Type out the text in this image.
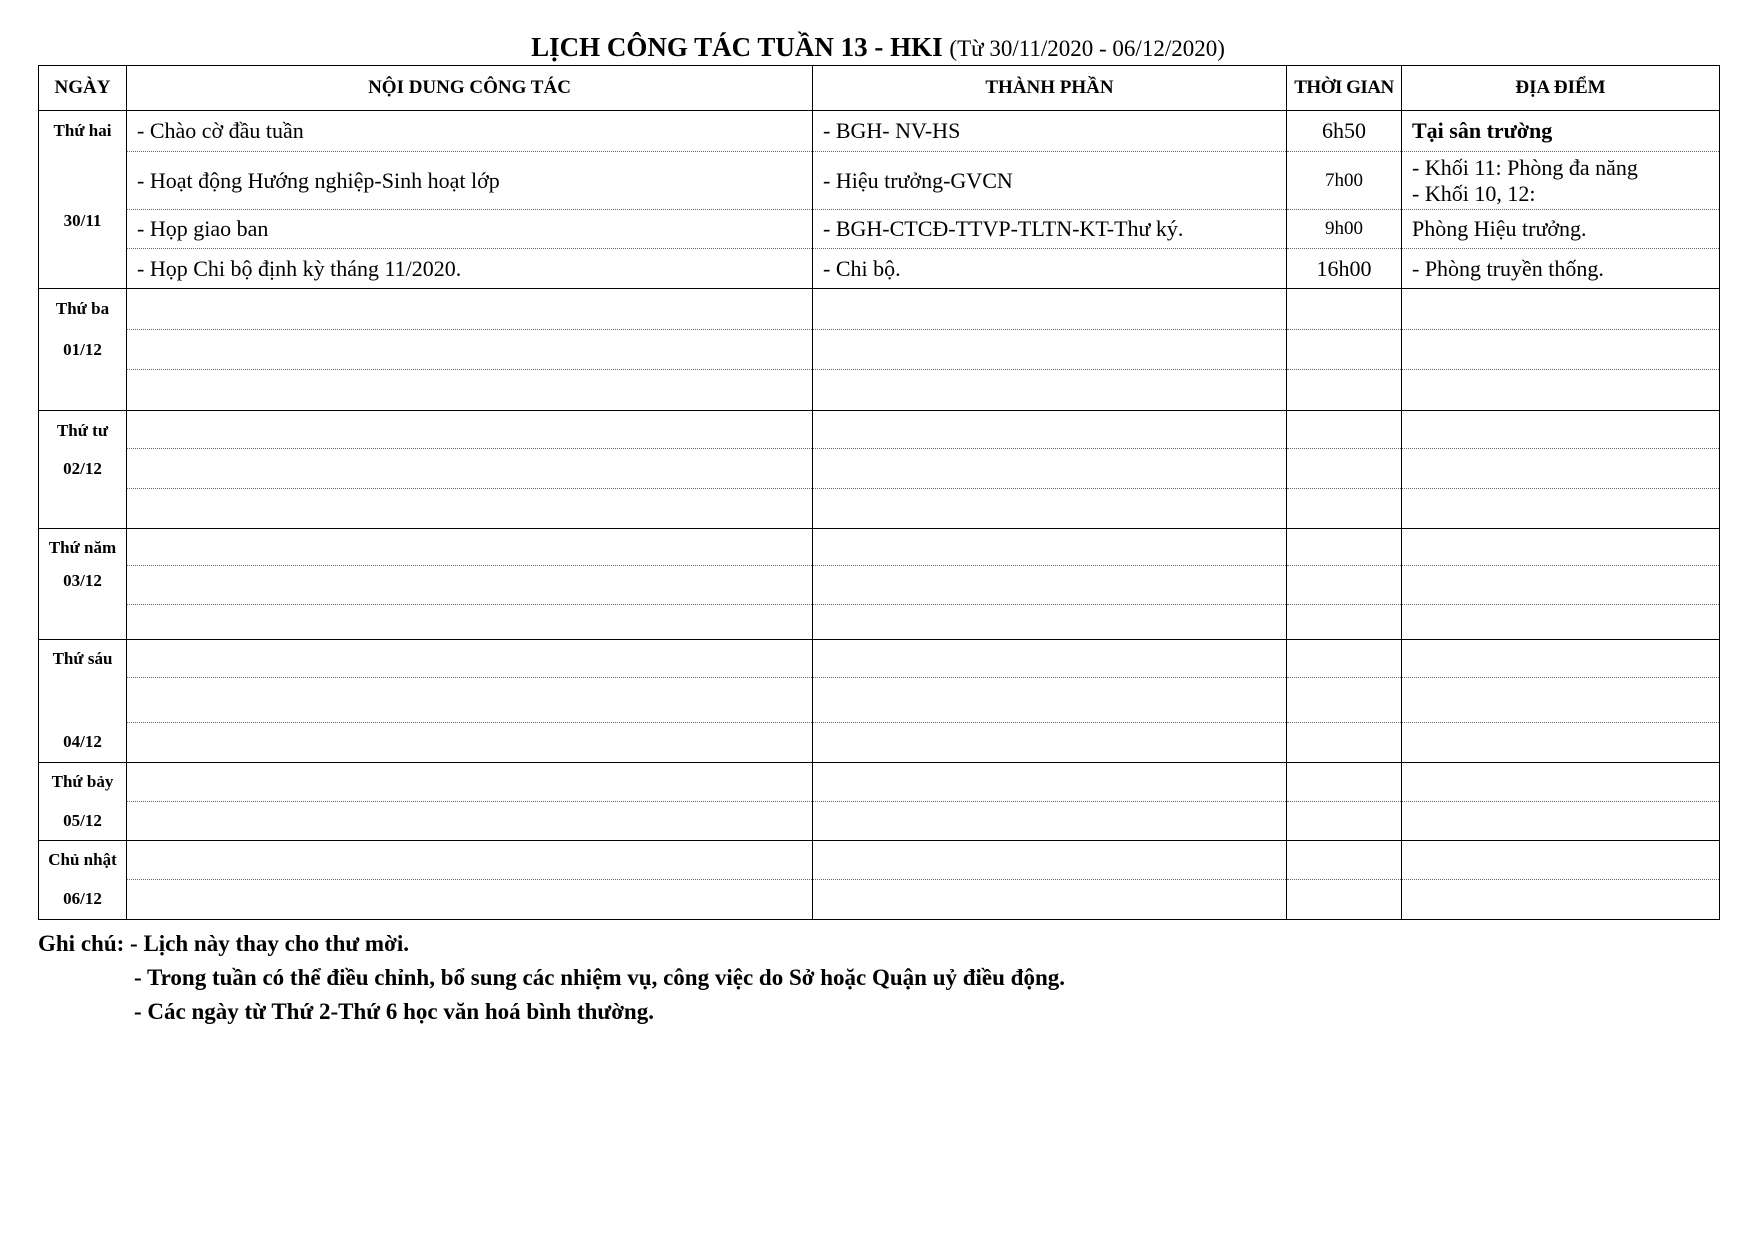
LỊCH CÔNG TÁC TUẦN 13 - HKI (Từ 30/11/2020 - 06/12/2020)
NGÀY	NỘI DUNG CÔNG TÁC	THÀNH PHẦN	THỜI GIAN	ĐỊA ĐIỂM

Thứ hai
30/11	- Chào cờ đầu tuần	- BGH- NV-HS	6h50	Tại sân trường
	- Hoạt động Hướng nghiệp-Sinh hoạt lớp	- Hiệu trưởng-GVCN	7h00	- Khối 11: Phòng đa năng
- Khối 10, 12:

	- Họp giao ban	- BGH-CTCĐ-TTVP-TLTN-KT-Thư ký.	9h00	Phòng Hiệu trưởng.
	- Họp Chi bộ định kỳ tháng 11/2020.	- Chi bộ.	16h00	- Phòng truyền thống.

Thứ ba
01/12				

Thứ tư
02/12				

Thứ năm
03/12				

Thứ sáu
04/12				

Thứ bảy
05/12				

Chủ nhật
06/12				

Ghi chú: - Lịch này thay cho thư mời.
- Trong tuần có thể điều chỉnh, bổ sung các nhiệm vụ, công việc do Sở hoặc Quận uỷ điều động.
- Các ngày từ Thứ 2-Thứ 6 học văn hoá bình thường.
